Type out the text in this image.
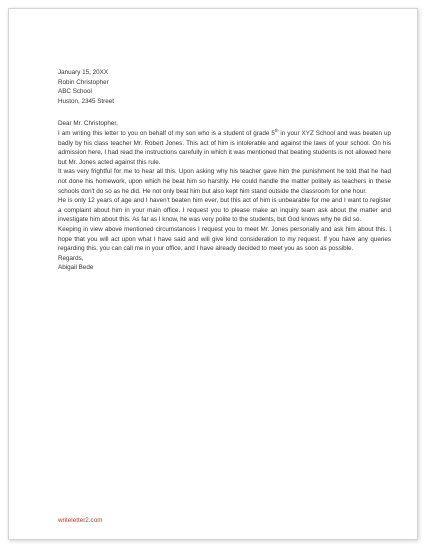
January 15, 20XX

Robin Christopher
ABC School
Huston, 2345 Street

Dear Mr. Christopher,

I am writing this letter to you on behalf of my son who is a student of grade 5th in your XYZ School and was beaten up badly by his class teacher Mr. Robert Jones. This act of him is intolerable and against the laws of your school. On his admission here, I had read the instructions carefully in which it was mentioned that beating students is not allowed here but Mr. Jones acted against this rule.

It was very frightful for me to hear all this. Upon asking why his teacher gave him the punishment he told that he had not done his homework, upon which he beat him so harshly. He could handle the matter politely as teachers in these schools don't do so as he did. He not only beat him but also kept him stand outside the classroom for one hour.

He is only 12 years of age and I haven't beaten him ever, but this act of him is unbearable for me and I want to register a complaint about him in your main office. I request you to please make an inquiry team ask about the matter and investigate him about this. As far as I know, he was very polite to the students, but God knows why he did so.

Keeping in view above mentioned circumstances I request you to meet Mr. Jones personally and ask him about this. I hope that you will act upon what I have said and will give kind consideration to my request. If you have any queries regarding this, you can call me in your office, and I have already decided to meet you as soon as possible.

Regards,

Abigail Bede

writeletter2.com
